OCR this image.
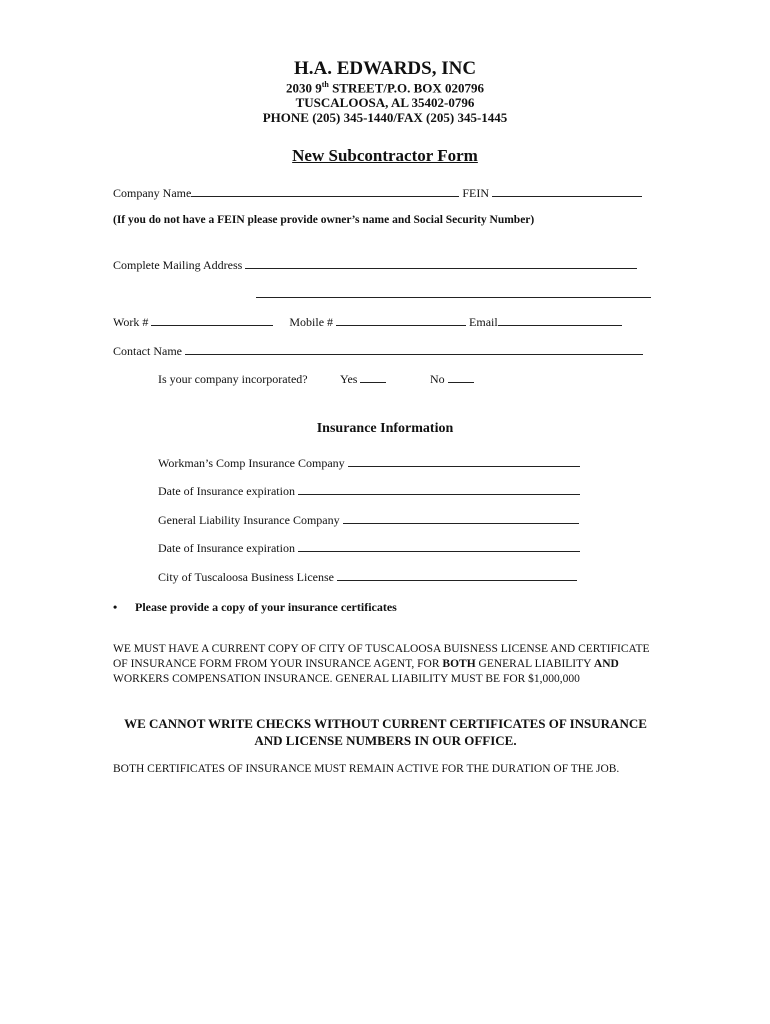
H.A. EDWARDS, INC
2030 9th STREET/P.O. BOX 020796
TUSCALOOSA, AL 35402-0796
PHONE (205) 345-1440/FAX (205) 345-1445
New Subcontractor Form
Company Name	FEIN
(If you do not have a FEIN please provide owner’s name and Social Security Number)
Complete Mailing Address
Work #	Mobile #	Email
Contact Name
Is your company incorporated?	Yes	No
Insurance Information
Workman’s Comp Insurance Company
Date of Insurance expiration
General Liability Insurance Company
Date of Insurance expiration
City of Tuscaloosa Business License
• Please provide a copy of your insurance certificates
WE MUST HAVE A CURRENT COPY OF CITY OF TUSCALOOSA BUISNESS LICENSE AND CERTIFICATE OF INSURANCE FORM FROM YOUR INSURANCE AGENT, FOR BOTH GENERAL LIABILITY AND WORKERS COMPENSATION INSURANCE. GENERAL LIABILITY MUST BE FOR $1,000,000
WE CANNOT WRITE CHECKS WITHOUT CURRENT CERTIFICATES OF INSURANCE AND LICENSE NUMBERS IN OUR OFFICE.
BOTH CERTIFICATES OF INSURANCE MUST REMAIN ACTIVE FOR THE DURATION OF THE JOB.
